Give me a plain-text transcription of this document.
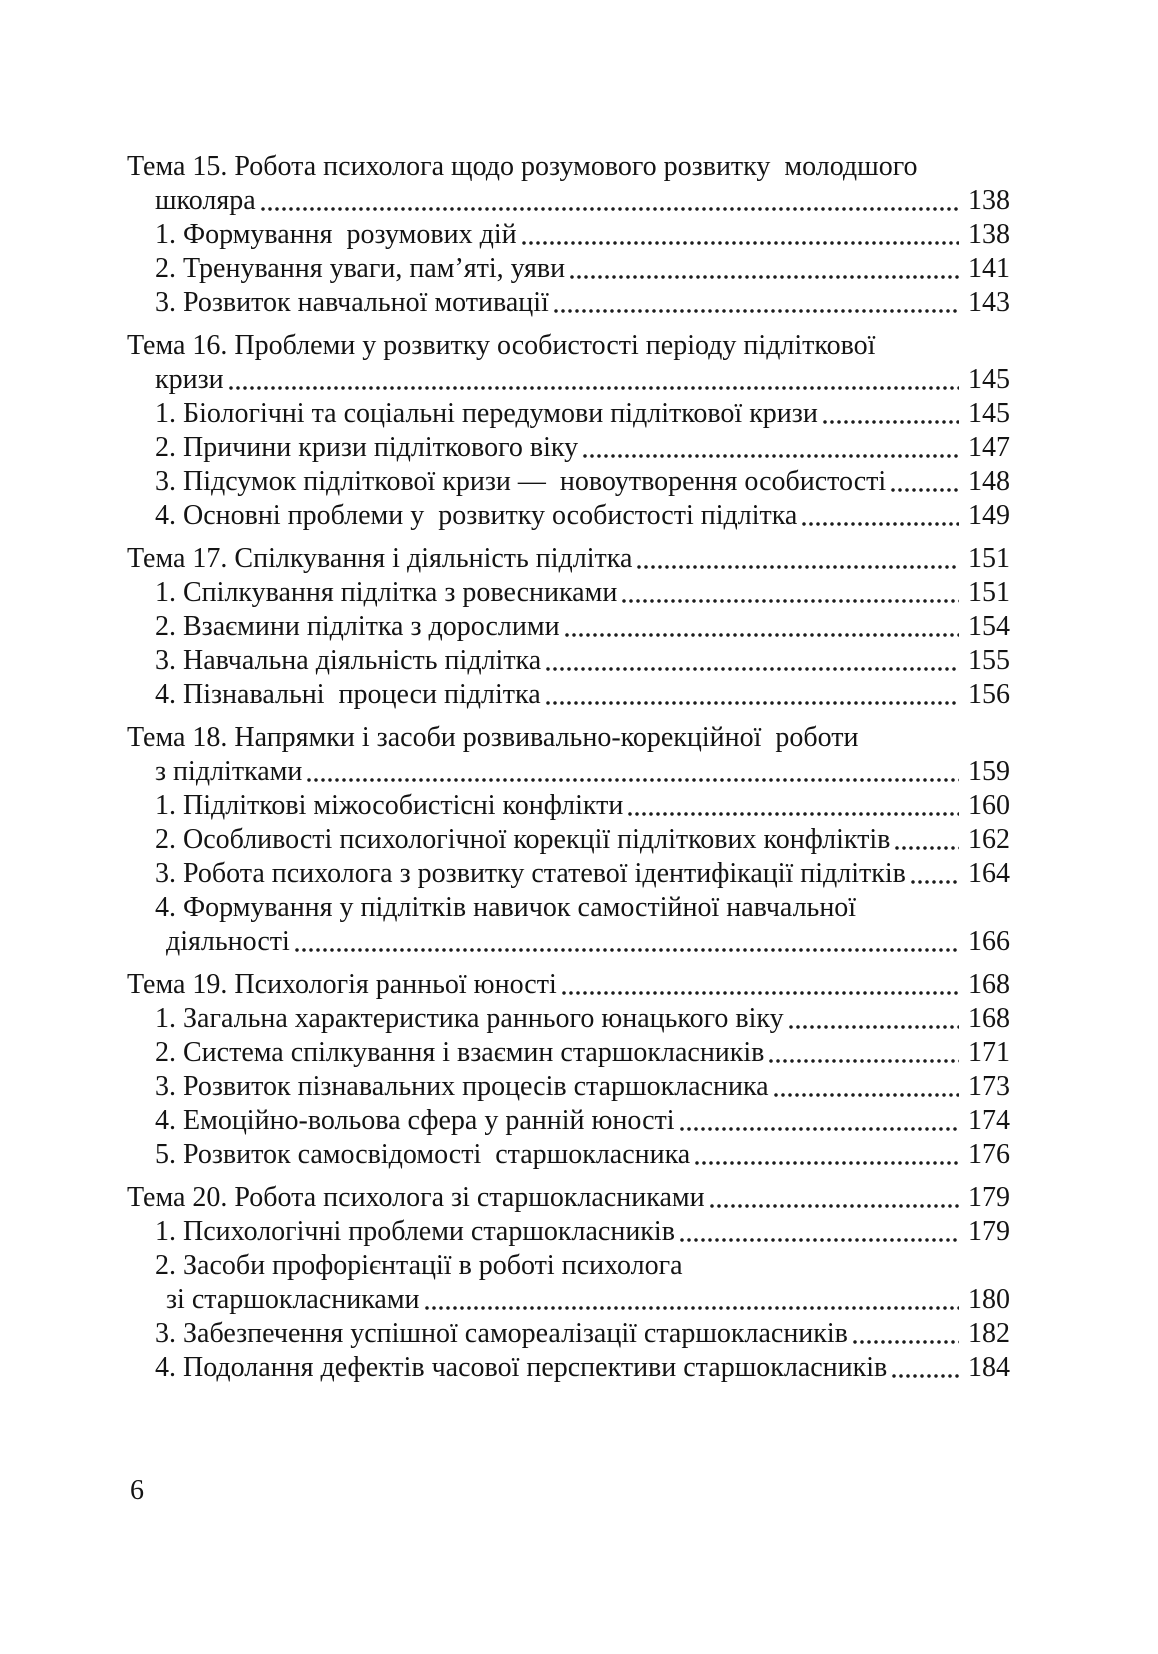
Тема 15. Робота психолога щодо розумового розвитку  молодшого
школяра	138
1. Формування  розумових дій	138
2. Тренування уваги, пам’яті, уяви	141
3. Розвиток навчальної мотивації	143
Тема 16. Проблеми у розвитку особистості періоду підліткової
кризи	145
1. Біологічні та соціальні передумови підліткової кризи	145
2. Причини кризи підліткового віку	147
3. Підсумок підліткової кризи —  новоутворення особистості	148
4. Основні проблеми у  розвитку особистості підлітка	149
Тема 17. Спілкування і діяльність підлітка	151
1. Спілкування підлітка з ровесниками	151
2. Взаємини підлітка з дорослими	154
3. Навчальна діяльність підлітка	155
4. Пізнавальні  процеси підлітка	156
Тема 18. Напрямки і засоби розвивально-корекційної  роботи
з підлітками	159
1. Підліткові міжособистісні конфлікти	160
2. Особливості психологічної корекції підліткових конфліктів	162
3. Робота психолога з розвитку статевої ідентифікації підлітків 164
4. Формування у підлітків навичок самостійної навчальної
діяльності	166
Тема 19. Психологія ранньої юності	168
1. Загальна характеристика раннього юнацького віку	168
2. Система спілкування і взаємин старшокласників	171
3. Розвиток пізнавальних процесів старшокласника	173
4. Емоційно-вольова сфера у ранній юності	174
5. Розвиток самосвідомості  старшокласника	176
Тема 20. Робота психолога зі старшокласниками	179
1. Психологічні проблеми старшокласників	179
2. Засоби профорієнтації в роботі психолога
зі старшокласниками	180
3. Забезпечення успішної самореалізації старшокласників	182
4. Подолання дефектів часової перспективи старшокласників	184
6
